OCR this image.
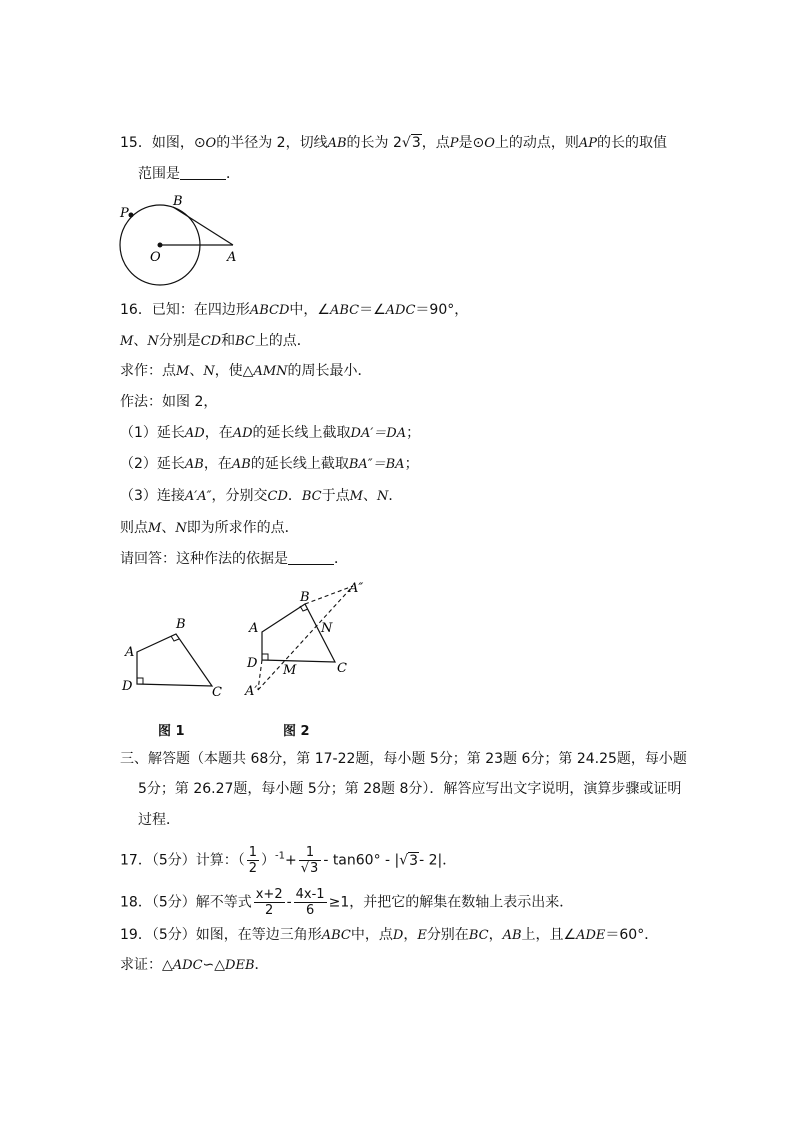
15．如图，⊙O的半径为 2，切线AB的长为 2√3，点P是⊙O上的动点，则AP的长的取值
范围是	．
P
B
O	A
16．已知：在四边形ABCD中，∠ABC＝∠ADC＝90°，
M、N分别是CD和BC上的点．
求作：点M、N，使△AMN的周长最小．
作法：如图 2，
（1）延长AD，在AD的延长线上截取DA′＝DA；
（2）延长AB，在AB的延长线上截取BA″＝BA；
（3）连接A′A″，分别交CD．BC于点M、N．
则点M、N即为所求作的点．
请回答：这种作法的依据是	．
A
B
C
D
图 1
A
B
C
D M
N
A′
A″
图 2
三、解答题（本题共 68分，第 17-22题，每小题 5分；第 23题 6分；第 24.25题，每小题
5分；第 26.27题，每小题 5分；第 28题 8分）．解答应写出文字说明，演算步骤或证明
过程．
17．（5分）计算：（ $\frac{1}{2} )^{-1}+ \frac{1}{√3} - \tan 60^\circ - |√3-$ 2|．
18．（5分）解不等式 $\frac{x+2}{2} - \frac{4x-1}{6} \ge 1$，并把它的解集在数轴上表示出来．
19．（5分）如图，在等边三角形ABC中，点D，E分别在BC，AB上，且∠ADE＝60°．
求证：△ADC∽△DEB．
